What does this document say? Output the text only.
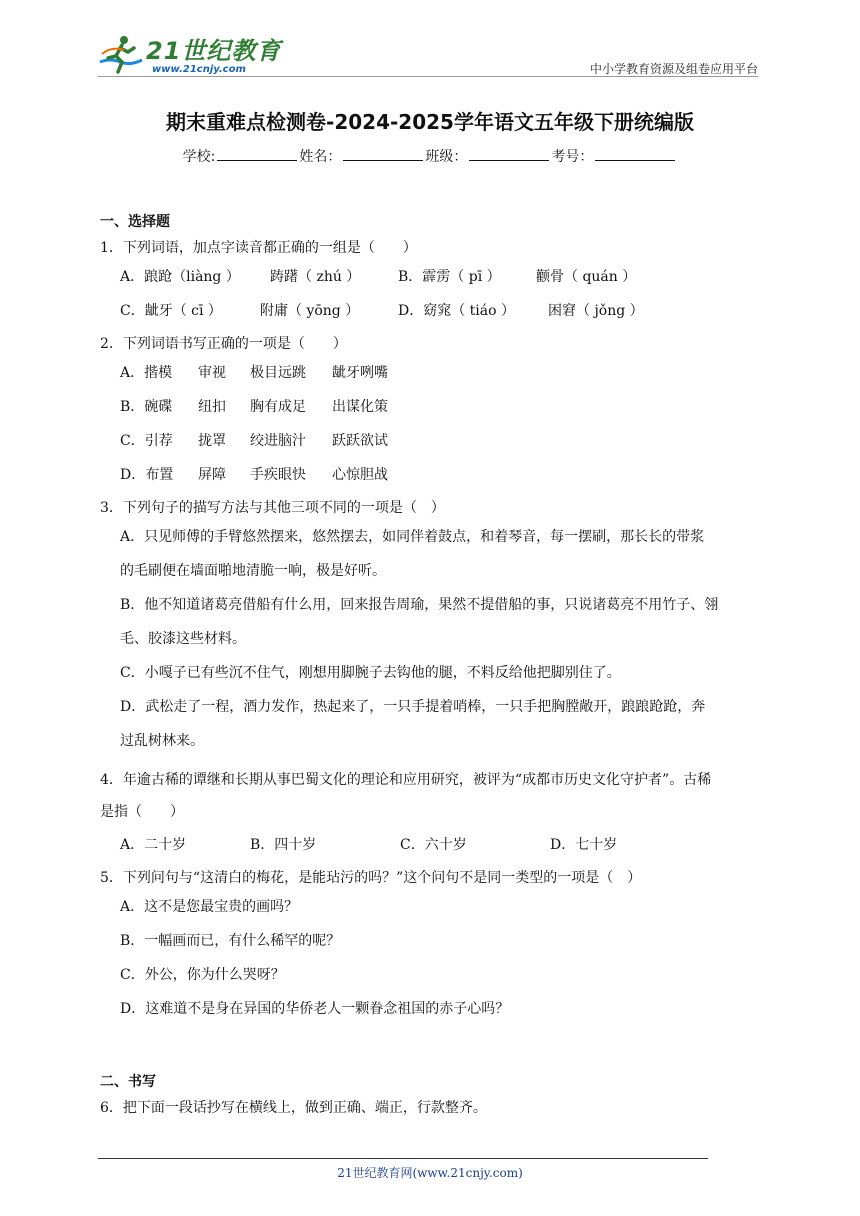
21世纪教育
www.21cnjy.com	中小学教育资源及组卷应用平台
期末重难点检测卷-2024-2025学年语文五年级下册统编版
学校:	姓名：	班级：	考号：
一、选择题
1．下列词语，加点字读音都正确的一组是（　　）
A．踉跄（liàng ）	踌躇（ zhú ）	B．霹雳（ pī ）	颧骨（ quán ）
C．龇牙（ cī ）	附庸（ yōng ）	D．窈窕（ tiáo ）	困窘（ jǒng ）
2．下列词语书写正确的一项是（　　）
A．揩模	审视	极目远跳	龇牙咧嘴
B．碗碟	纽扣	胸有成足	出谋化策
C．引荐	拢罩	绞进脑汁	跃跃欲试
D．布置	屏障	手疾眼快	心惊胆战
3．下列句子的描写方法与其他三项不同的一项是（　）
A．只见师傅的手臂悠然摆来，悠然摆去，如同伴着鼓点，和着琴音，每一摆刷，那长长的带浆
的毛刷便在墙面啪地清脆一响，极是好听。
B．他不知道诸葛亮借船有什么用，回来报告周瑜，果然不提借船的事，只说诸葛亮不用竹子、翎
毛、胶漆这些材料。
C．小嘎子已有些沉不住气，刚想用脚腕子去钩他的腿，不料反给他把脚别住了。
D．武松走了一程，酒力发作，热起来了，一只手提着哨棒，一只手把胸膛敞开，踉踉跄跄，奔
过乱树林来。
4．年逾古稀的谭继和长期从事巴蜀文化的理论和应用研究，被评为“成都市历史文化守护者”。古稀
是指（　　）
A．二十岁	B．四十岁	C．六十岁	D．七十岁
5．下列问句与“这清白的梅花，是能玷污的吗？”这个问句不是同一类型的一项是（　）
A．这不是您最宝贵的画吗？
B．一幅画而已，有什么稀罕的呢？
C．外公，你为什么哭呀？
D．这难道不是身在异国的华侨老人一颗眷念祖国的赤子心吗？
二、书写
6．把下面一段话抄写在横线上，做到正确、端正，行款整齐。
21世纪教育网(www.21cnjy.com)
